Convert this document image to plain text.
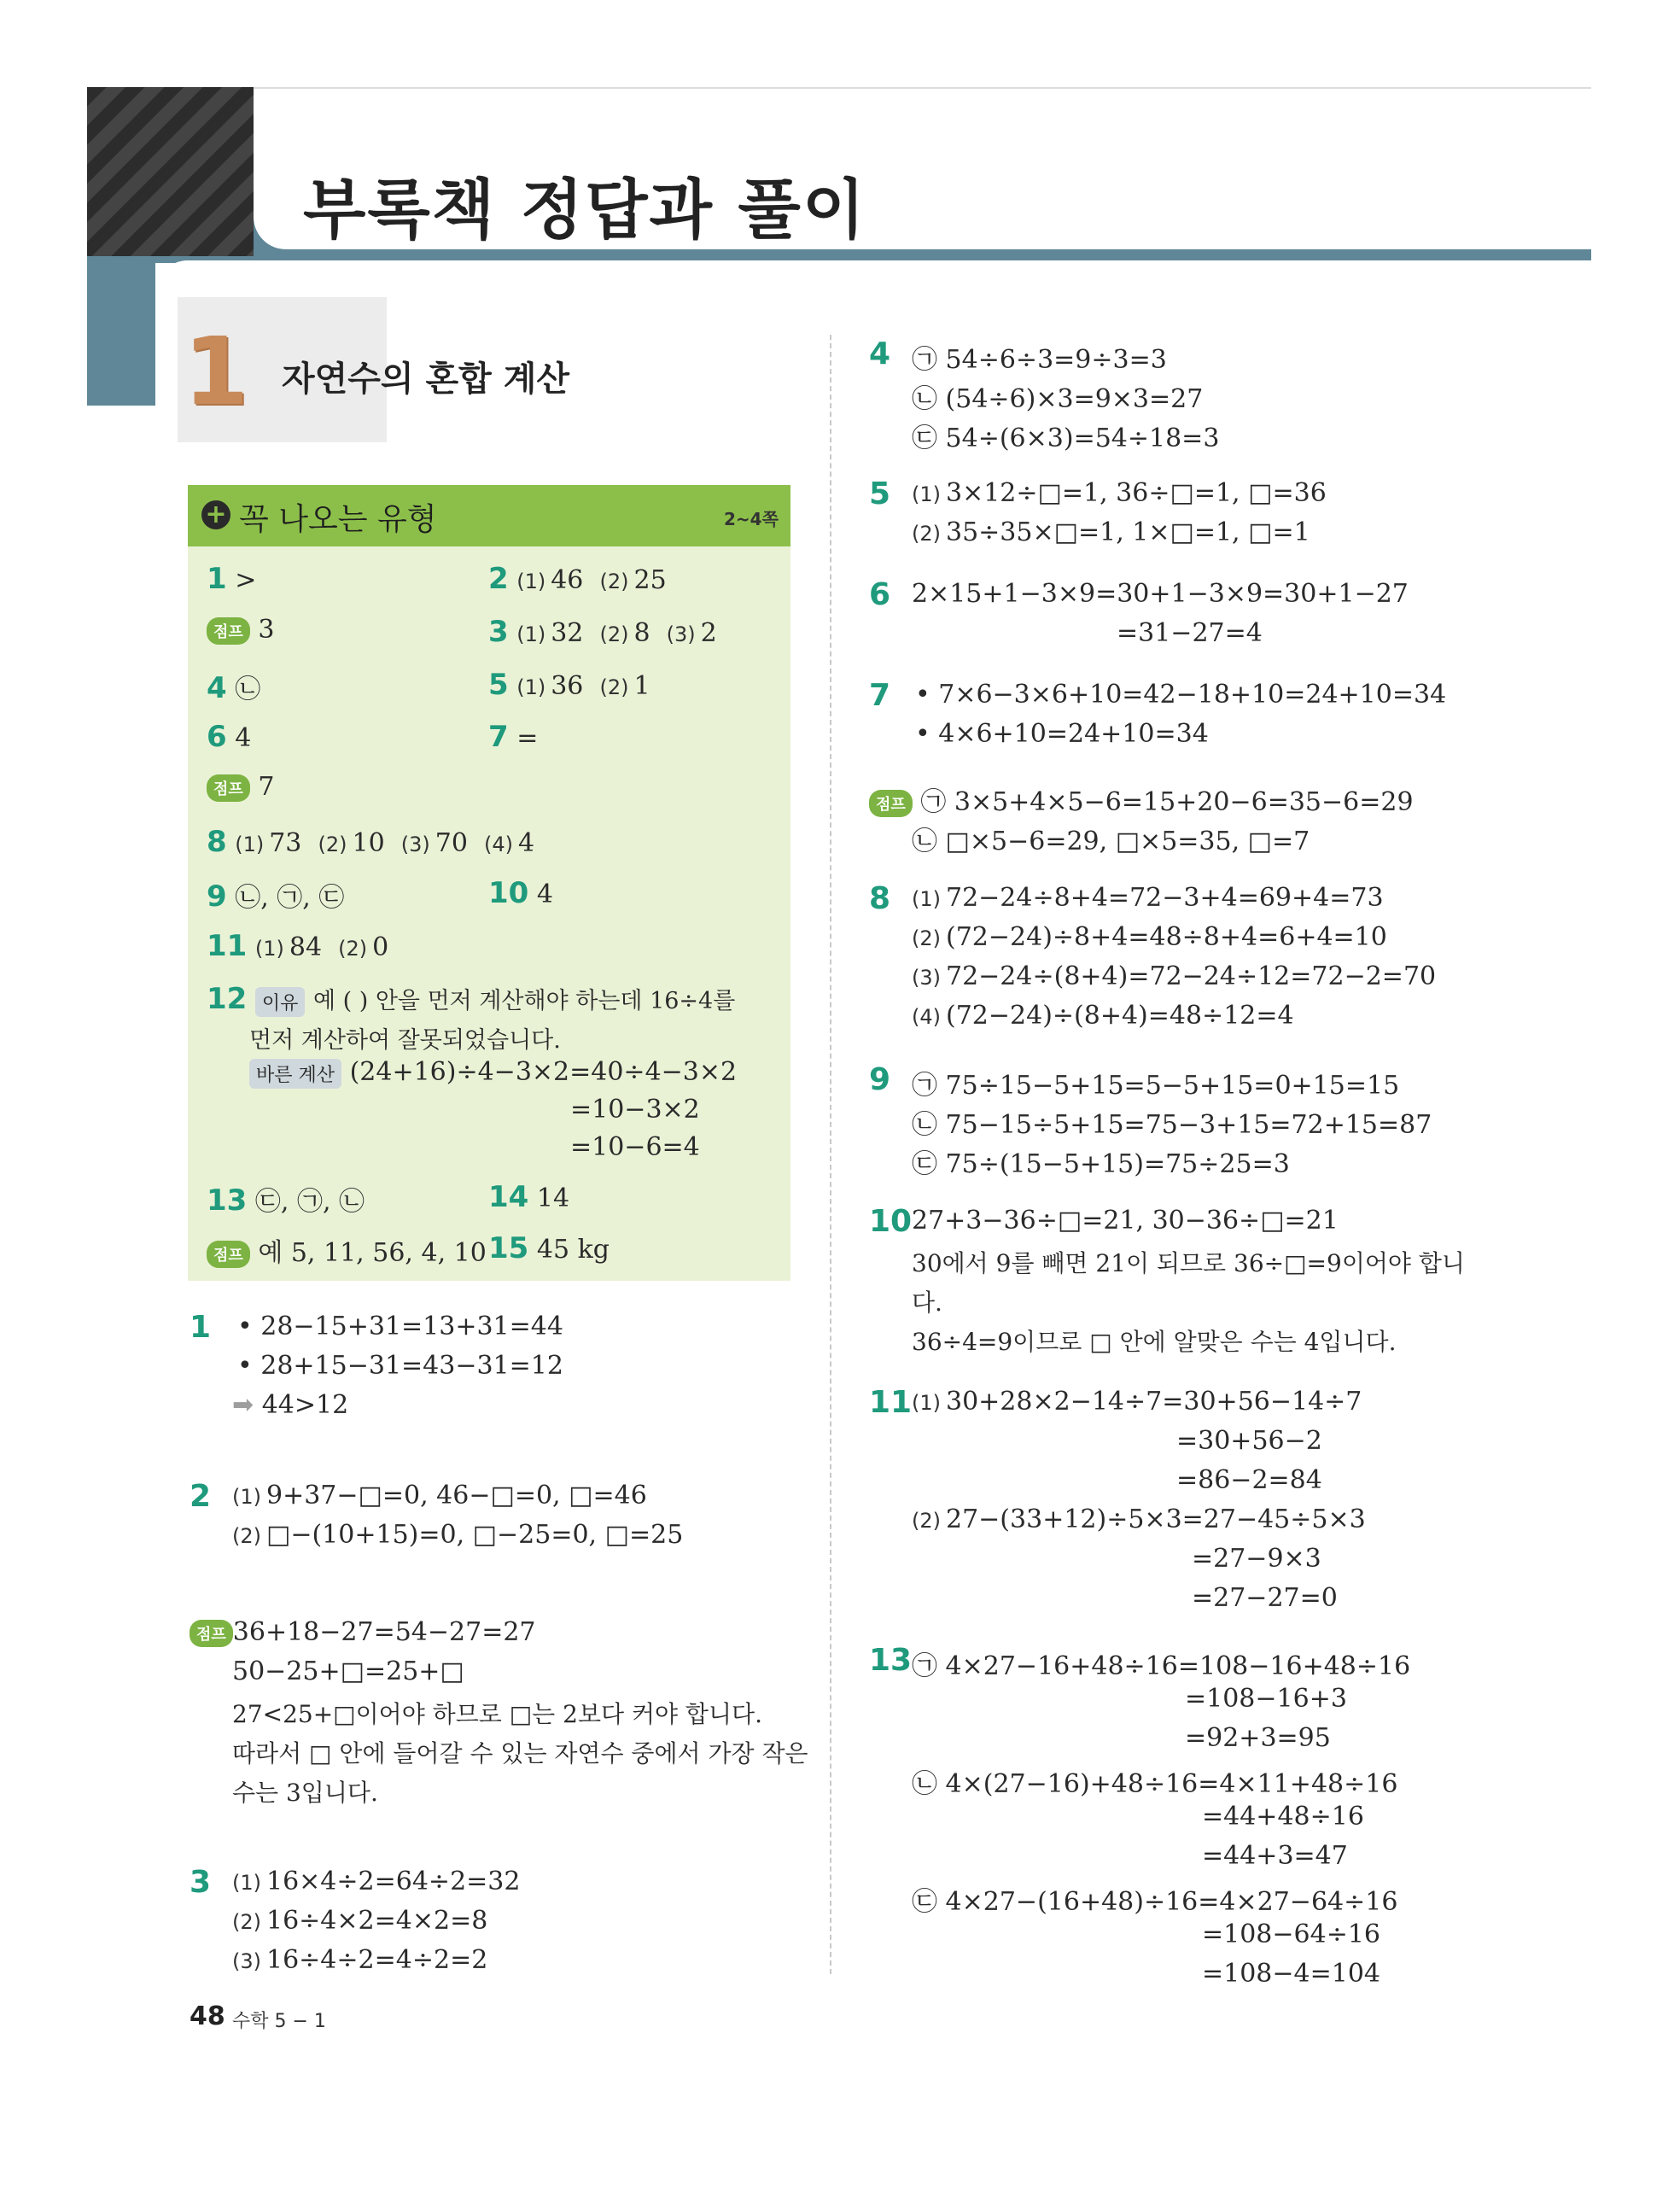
부록책 정답과 풀이
1 자연수의 혼합 계산
+ 꼭 나오는 유형	2~4쪽
1 >	2 (1) 46 (2) 25
점프 3	3 (1) 32 (2) 8 (3) 2
4 ㉡	5 (1) 36 (2) 1
6 4	7 =
점프 7
8 (1) 73 (2) 10 (3) 70 (4) 4
9 ㉡, ㉠, ㉢	10 4
11 (1) 84 (2) 0
12 이유 예 ( ) 안을 먼저 계산해야 하는데 16÷4를
먼저 계산하여 잘못되었습니다.
바른 계산 (24+16)÷4−3×2=40÷4−3×2
=10−3×2
=10−6=4
13 ㉢, ㉠, ㉡	14 14
점프 예 5, 11, 56, 4, 10 15 45 kg
1 • 28−15+31=13+31=44
• 28+15−31=43−31=12
➡ 44>12
2 (1) 9+37−□=0, 46−□=0, □=46
(2) □−(10+15)=0, □−25=0, □=25
점프 36+18−27=54−27=27
50−25+□=25+□
27<25+□이어야 하므로 □는 2보다 커야 합니다.
따라서 □ 안에 들어갈 수 있는 자연수 중에서 가장 작은
수는 3입니다.
3 (1) 16×4÷2=64÷2=32
(2) 16÷4×2=4×2=8
(3) 16÷4÷2=4÷2=2
4 ㉠ 54÷6÷3=9÷3=3
㉡ (54÷6)×3=9×3=27
㉢ 54÷(6×3)=54÷18=3
5 (1) 3×12÷□=1, 36÷□=1, □=36
(2) 35÷35×□=1, 1×□=1, □=1
6 2×15+1−3×9=30+1−3×9=30+1−27
=31−27=4
7 • 7×6−3×6+10=42−18+10=24+10=34
• 4×6+10=24+10=34
점프 ㉠ 3×5+4×5−6=15+20−6=35−6=29
㉡ □×5−6=29, □×5=35, □=7
8 (1) 72−24÷8+4=72−3+4=69+4=73
(2) (72−24)÷8+4=48÷8+4=6+4=10
(3) 72−24÷(8+4)=72−24÷12=72−2=70
(4) (72−24)÷(8+4)=48÷12=4
9 ㉠ 75÷15−5+15=5−5+15=0+15=15
㉡ 75−15÷5+15=75−3+15=72+15=87
㉢ 75÷(15−5+15)=75÷25=3
10 27+3−36÷□=21, 30−36÷□=21
30에서 9를 빼면 21이 되므로 36÷□=9이어야 합니
다.
36÷4=9이므로 □ 안에 알맞은 수는 4입니다.
11 (1) 30+28×2−14÷7=30+56−14÷7
=30+56−2
=86−2=84
(2) 27−(33+12)÷5×3=27−45÷5×3
=27−9×3
=27−27=0
13 ㉠ 4×27−16+48÷16=108−16+48÷16
=108−16+3
=92+3=95
㉡ 4×(27−16)+48÷16=4×11+48÷16
=44+48÷16
=44+3=47
㉢ 4×27−(16+48)÷16=4×27−64÷16
=108−64÷16
=108−4=104
48 수학 5 − 1
